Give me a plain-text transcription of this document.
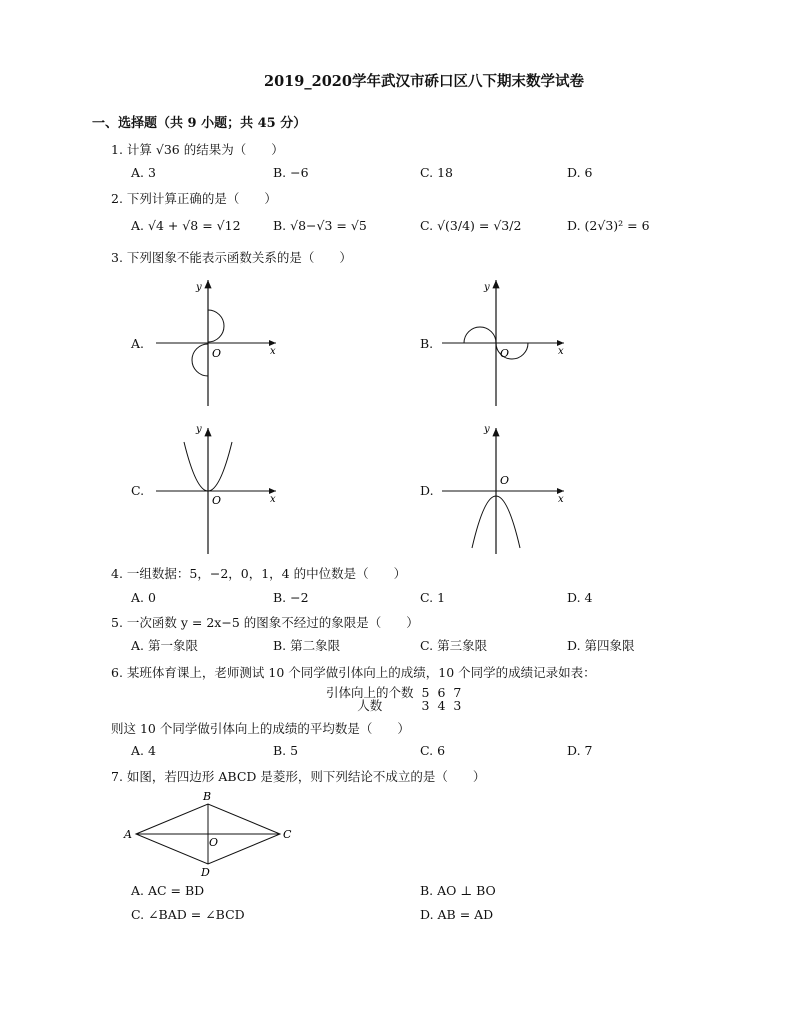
2019_2020学年武汉市硚口区八下期末数学试卷
一、选择题（共 9 小题；共 45 分）
1. 计算 √36 的结果为（　　）
A. 3	B. −6	C. 18	D. 6
2. 下列计算正确的是（　　）
A. √4 + √8 = √12	B. √8−√3 = √5	C. √(3/4) = √3/2	D. (2√3)² = 6
3. 下列图象不能表示函数关系的是（　　）
A.	B.
C.	D.
y
x
O
y
x
O
y
x
O
y
x
O
4. 一组数据：5，−2，0，1，4 的中位数是（　　）
A. 0	B. −2	C. 1	D. 4
5. 一次函数 y = 2x−5 的图象不经过的象限是（　　）
A. 第一象限	B. 第二象限	C. 第三象限	D. 第四象限
6. 某班体育课上，老师测试 10 个同学做引体向上的成绩，10 个同学的成绩记录如表：
引体向上的个数	5	6	7
人数	3	4	3
则这 10 个同学做引体向上的成绩的平均数是（　　）
A. 4	B. 5	C. 6	D. 7
7. 如图，若四边形 ABCD 是菱形，则下列结论不成立的是（　　）
A
B
C
D
O
A. AC = BD	B. AO ⊥ BO
C. ∠BAD = ∠BCD	D. AB = AD
